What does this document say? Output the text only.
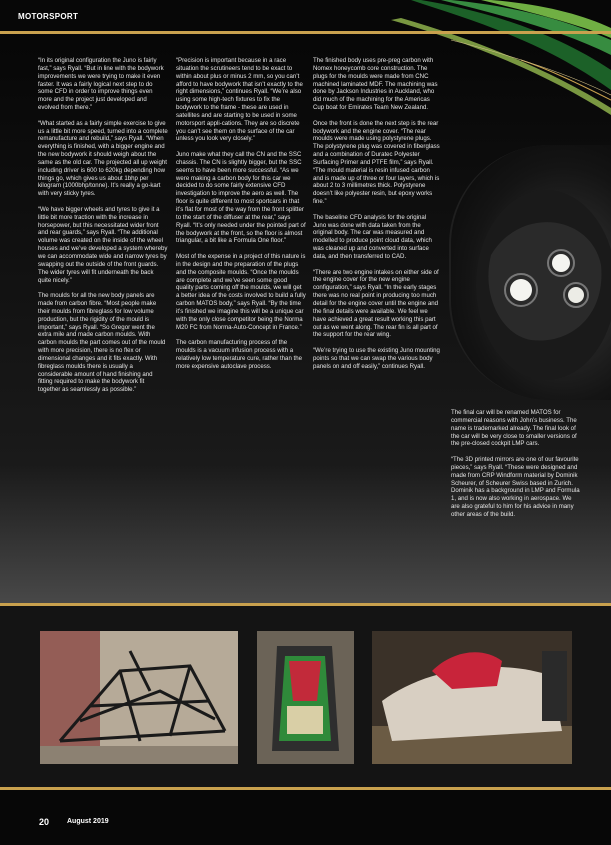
MOTORSPORT

“In its original configuration the Juno is fairly fast,” says Ryall. “But in line with the bodywork improvements we were trying to make it even faster. It was a fairly logical next step to do some CFD in order to improve things even more and the project just developed and evolved from there.”

“What started as a fairly simple exercise to give us a little bit more speed, turned into a complete remanufacture and rebuild,” says Ryall. “When everything is finished, with a bigger engine and the new bodywork it should weigh about the same as the old car. The projected all up weight including driver is 600 to 620kg depending how things go, which gives us about 1bhp per kilogram (1000bhp/tonne). It’s really a go-kart with very sticky tyres.

“We have bigger wheels and tyres to give it a little bit more traction with the increase in horsepower, but this necessitated wider front and rear guards,” says Ryall. “The additional volume was created on the inside of the wheel houses and we’ve developed a system whereby we can accommodate wide and narrow tyres by swapping out the outside of the front guards. The wider tyres will fit underneath the back quite nicely.”

The moulds for all the new body panels are made from carbon fibre. “Most people make their moulds from fibreglass for low volume production, but the rigidity of the mould is important,” says Ryall. “So Gregor went the extra mile and made carbon moulds. With carbon moulds the part comes out of the mould with more precision, there is no flex or dimensional changes and it fits exactly. With fibreglass moulds there is usually a considerable amount of hand finishing and fitting required to make the bodywork fit together as seamlessly as possible.”

“Precision is important because in a race situation the scrutineers tend to be exact to within about plus or minus 2 mm, so you can’t afford to have bodywork that isn’t exactly to the right dimensions,” continues Ryall. “We’re also using some high-tech fixtures to fix the bodywork to the frame - these are used in satellites and are starting to be used in some motorsport appli-cations. They are so discrete you can’t see them on the surface of the car unless you look very closely.”

Juno make what they call the CN and the SSC chassis. The CN is slightly bigger, but the SSC seems to have been more successful. “As we were making a carbon body for this car we decided to do some fairly extensive CFD investigation to improve the aero as well. The floor is quite different to most sportcars in that it’s flat for most of the way from the front splitter to the start of the diffuser at the rear,” says Ryall. “It’s only needed under the pointed part of the bodywork at the front, so the floor is almost triangular, a bit like a Formula One floor.”

Most of the expense in a project of this nature is in the design and the preparation of the plugs and the composite moulds. “Once the moulds are complete and we’ve seen some good quality parts coming off the moulds, we will get a better idea of the costs involved to build a fully carbon MATOS body,” says Ryall. “By the time it’s finished we imagine this will be a unique car with the only close competitor being the Norma M20 FC from Norma-Auto-Concept in France.”

The carbon manufacturing process of the moulds is a vacuum infusion process with a relatively low temperature cure, rather than the more expensive autoclave process.

The finished body uses pre-preg carbon with Nomex honeycomb core construction. The plugs for the moulds were made from CNC machined laminated MDF. The machining was done by Jackson Industries in Auckland, who did much of the machining for the Americas Cup boat for Emirates Team New Zealand.

Once the front is done the next step is the rear bodywork and the engine cover. “The rear moulds were made using polystyrene plugs. The polystyrene plug was covered in fiberglass and a combination of Duratec Polyester Surfacing Primer and PTFE film,” says Ryall. “The mould material is resin infused carbon and is made up of three or four layers, which is about 2 to 3 millimetres thick. Polystyrene doesn’t like polyester resin, but epoxy works fine.”

The baseline CFD analysis for the original Juno was done with data taken from the original body. The car was measured and modelled to produce point cloud data, which was cleaned up and converted into surface data, and then transferred to CAD.

“There are two engine intakes on either side of the engine cover for the new engine configuration,” says Ryall. “In the early stages there was no real point in producing too much detail for the engine cover until the engine and the final details were available. We feel we have achieved a great result working this part out as we went along. The rear fin is all part of the support for the rear wing.

“We’re trying to use the existing Juno mounting points so that we can swap the various body panels on and off easily,” continues Ryall.

The final car will be renamed MATOS for commercial reasons with John’s business. The name is trademarked already. The final look of the car will be very close to smaller versions of the pre-closed cockpit LMP cars.

“The 3D printed mirrors are one of our favourite pieces,” says Ryall. “These were designed and made from CRP Windform material by Dominik Scheurer, of Scheurer Swiss based in Zurich. Dominik has a background in LMP and Formula 1, and is now also working in aerospace. We are also grateful to him for his advice in many other areas of the build.

20	August 2019
